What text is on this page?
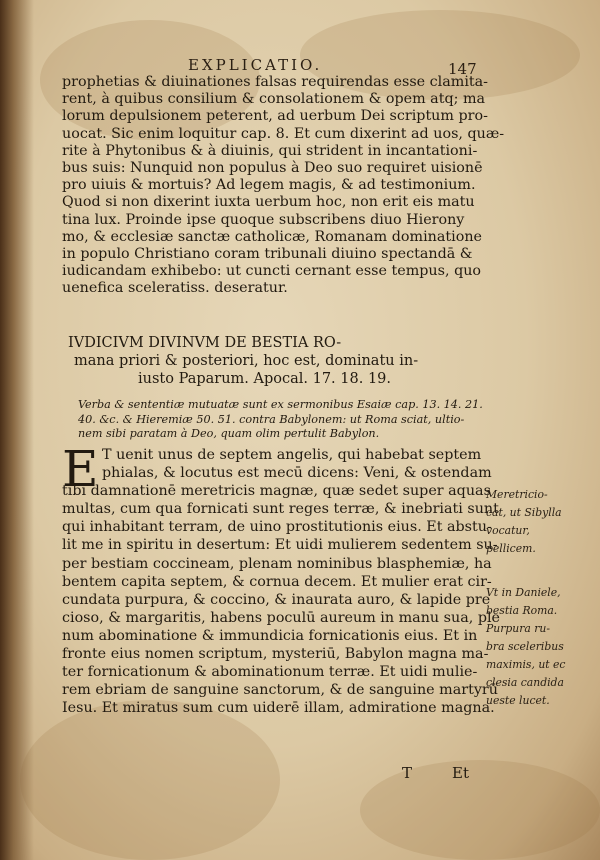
EXPLICATIO.	147
prophetias & diuinationes falsas requirendas esse clamita-
rent, à quibus consilium & consolationem & opem atq; ma
lorum depulsionem peterent, ad uerbum Dei scriptum pro-
uocat. Sic enim loquitur cap. 8. Et cum dixerint ad uos, quæ-
rite à Phytonibus & à diuinis, qui strident in incantationi-
bus suis: Nunquid non populus à Deo suo requiret uisionē
pro uiuis & mortuis? Ad legem magis, & ad testimonium.
Quod si non dixerint iuxta uerbum hoc, non erit eis matu
tina lux. Proinde ipse quoque subscribens diuo Hierony
mo, & ecclesiæ sanctæ catholicæ, Romanam dominatione
in populo Christiano coram tribunali diuino spectandā &
iudicandam exhibebo: ut cuncti cernant esse tempus, quo
uenefica sceleratiss. deseratur.
IVDICIVM DIVINVM DE BESTIA RO-
mana priori & posteriori, hoc est, dominatu in-
iusto Paparum. Apocal. 17. 18. 19.
Verba & sententiæ mutuatæ sunt ex sermonibus Esaiæ cap. 13. 14. 21.
40. &c. & Hieremiæ 50. 51. contra Babylonem: ut Roma sciat, ultio-
nem sibi paratam à Deo, quam olim pertulit Babylon.
E T uenit unus de septem angelis, qui habebat septem
phialas, & locutus est mecū dicens: Veni, & ostendam
tibi damnationē meretricis magnæ, quæ sedet super aquas
multas, cum qua fornicati sunt reges terræ, & inebriati sunt
qui inhabitant terram, de uino prostitutionis eius. Et abstu-
lit me in spiritu in desertum: Et uidi mulierem sedentem su-
per bestiam coccineam, plenam nominibus blasphemiæ, ha
bentem capita septem, & cornua decem. Et mulier erat cir-
cundata purpura, & coccino, & inaurata auro, & lapide pre
cioso, & margaritis, habens poculū aureum in manu sua, ple
num abominatione & immundicia fornicationis eius. Et in
fronte eius nomen scriptum, mysteriū, Babylon magna ma-
ter fornicationum & abominationum terræ. Et uidi mulie-
rem ebriam de sanguine sanctorum, & de sanguine martyrū
Iesu. Et miratus sum cum uiderē illam, admiratione magna.
Meretricio-
cat, ut Sibylla
vocatur,
pellicem.
Vt in Daniele,
bestia Roma.
Purpura ru-
bra sceleribus
maximis, ut ec
clesia candida
ueste lucet.
T	Et
